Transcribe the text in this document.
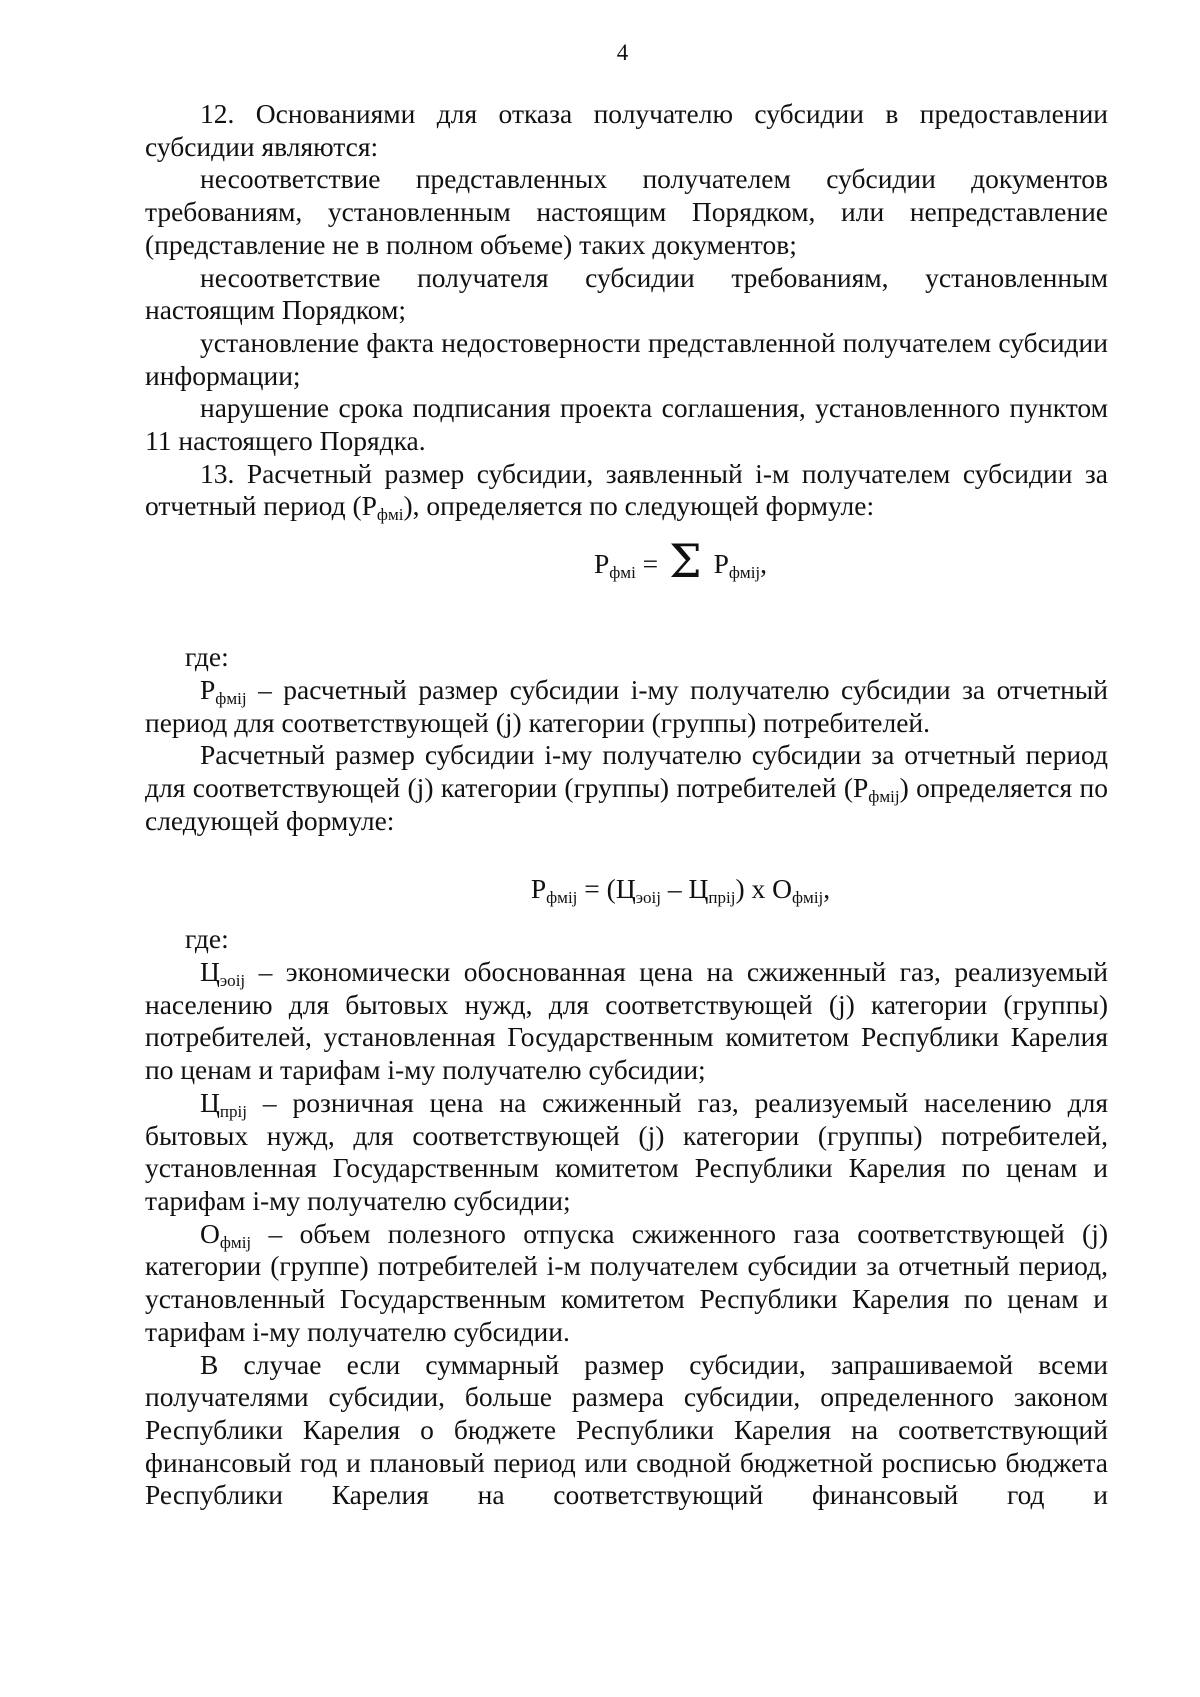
4

12. Основаниями для отказа получателю субсидии в предоставлении субсидии являются:

несоответствие представленных получателем субсидии документов требованиям, установленным настоящим Порядком, или непредставление (представление не в полном объеме) таких документов;

несоответствие получателя субсидии требованиям, установленным настоящим Порядком;

установление факта недостоверности представленной получателем субсидии информации;

нарушение срока подписания проекта соглашения, установленного пунктом 11 настоящего Порядка.

13. Расчетный размер субсидии, заявленный i-м получателем субсидии за отчетный период $(Р_{фмi})$, определяется по следующей формуле:

$Р_{фмi} = \Sigma$ $Р_{фмij}$,

где:

$Р_{фмij}$ – расчетный размер субсидии i-му получателю субсидии за отчетный период для соответствующей (j) категории (группы) потребителей.

Расчетный размер субсидии i-му получателю субсидии за отчетный период для соответствующей (j) категории (группы) потребителей $(Р_{фмij})$ определяется по следующей формуле:

$Р_{фмij} = (Ц_{эоij} - Ц_{прij})$ х $О_{фмij}$,

где:

$Ц_{эоij}$ – экономически обоснованная цена на сжиженный газ, реализуемый населению для бытовых нужд, для соответствующей (j) категории (группы) потребителей, установленная Государственным комитетом Республики Карелия по ценам и тарифам i-му получателю субсидии;

$Ц_{прij}$ – розничная цена на сжиженный газ, реализуемый населению для бытовых нужд, для соответствующей (j) категории (группы) потребителей, установленная Государственным комитетом Республики Карелия по ценам и тарифам i-му получателю субсидии;

$О_{фмij}$ – объем полезного отпуска сжиженного газа соответствующей (j) категории (группе) потребителей i-м получателем субсидии за отчетный период, установленный Государственным комитетом Республики Карелия по ценам и тарифам i-му получателю субсидии.

В случае если суммарный размер субсидии, запрашиваемой всеми получателями субсидии, больше размера субсидии, определенного законом Республики Карелия о бюджете Республики Карелия на соответствующий финансовый год и плановый период или сводной бюджетной росписью бюджета Республики Карелия на соответствующий финансовый год и
